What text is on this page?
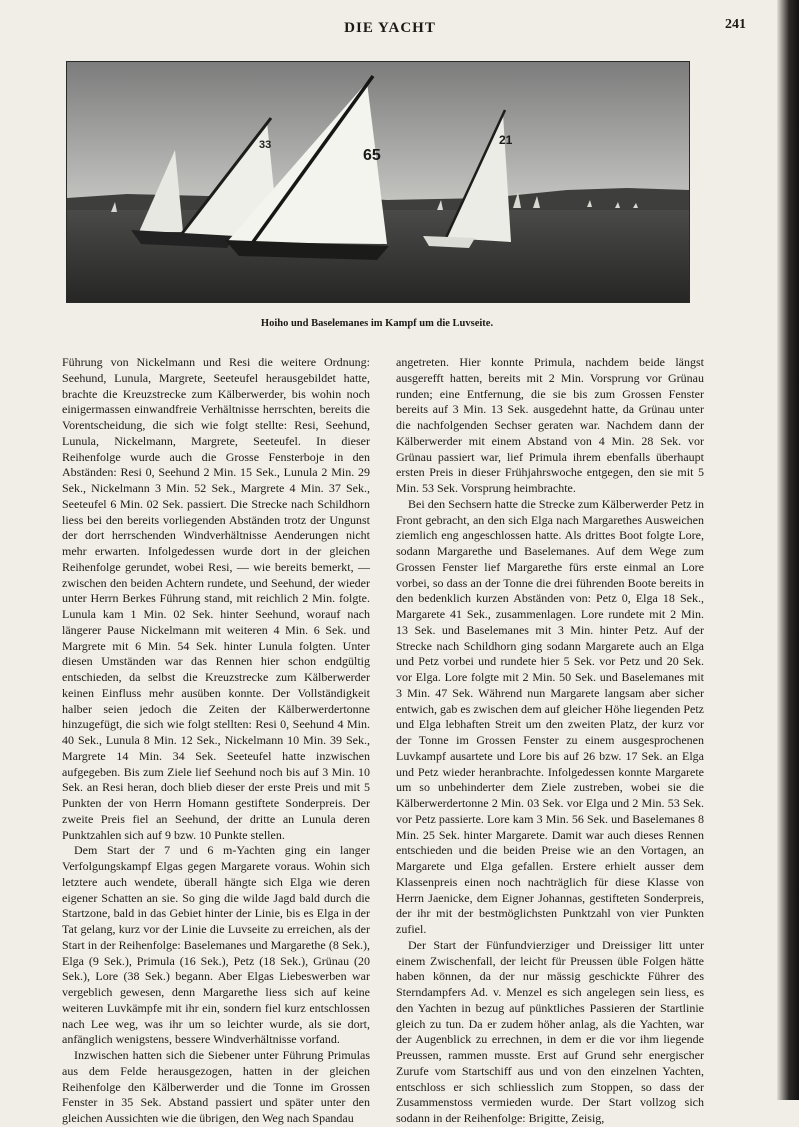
DIE YACHT	241
33
65
21
Hoiho und Baselemanes im Kampf um die Luvseite.

Führung von Nickelmann und Resi die weitere Ordnung: Seehund, Lunula, Margrete, Seeteufel herausgebildet hatte, brachte die Kreuzstrecke zum Kälberwerder, bis wohin noch einigermassen einwandfreie Verhältnisse herrschten, bereits die Vorentscheidung, die sich wie folgt stellte: Resi, Seehund, Lunula, Nickelmann, Margrete, Seeteufel. In dieser Reihenfolge wurde auch die Grosse Fensterboje in den Abständen: Resi 0, Seehund 2 Min. 15 Sek., Lunula 2 Min. 29 Sek., Nickelmann 3 Min. 52 Sek., Margrete 4 Min. 37 Sek., Seeteufel 6 Min. 02 Sek. passiert. Die Strecke nach Schildhorn liess bei den bereits vorliegenden Abständen trotz der Ungunst der dort herrschenden Windverhältnisse Aenderungen nicht mehr erwarten. Infolgedessen wurde dort in der gleichen Reihenfolge gerundet, wobei Resi, — wie bereits bemerkt, — zwischen den beiden Achtern rundete, und Seehund, der wieder unter Herrn Berkes Führung stand, mit reichlich 2 Min. folgte. Lunula kam 1 Min. 02 Sek. hinter Seehund, worauf nach längerer Pause Nickelmann mit weiteren 4 Min. 6 Sek. und Margrete mit 6 Min. 54 Sek. hinter Lunula folgten. Unter diesen Umständen war das Rennen hier schon endgültig entschieden, da selbst die Kreuzstrecke zum Kälberwerder keinen Einfluss mehr ausüben konnte. Der Vollständigkeit halber seien jedoch die Zeiten der Kälberwerdertonne hinzugefügt, die sich wie folgt stellten: Resi 0, Seehund 4 Min. 40 Sek., Lunula 8 Min. 12 Sek., Nickelmann 10 Min. 39 Sek., Margrete 14 Min. 34 Sek. Seeteufel hatte inzwischen aufgegeben. Bis zum Ziele lief Seehund noch bis auf 3 Min. 10 Sek. an Resi heran, doch blieb dieser der erste Preis und mit 5 Punkten der von Herrn Homann gestiftete Sonderpreis. Der zweite Preis fiel an Seehund, der dritte an Lunula deren Punktzahlen sich auf 9 bzw. 10 Punkte stellen.

Dem Start der 7 und 6 m-Yachten ging ein langer Verfolgungskampf Elgas gegen Margarete voraus. Wohin sich letztere auch wendete, überall hängte sich Elga wie deren eigener Schatten an sie. So ging die wilde Jagd bald durch die Startzone, bald in das Gebiet hinter der Linie, bis es Elga in der Tat gelang, kurz vor der Linie die Luvseite zu erreichen, als der Start in der Reihenfolge: Baselemanes und Margarethe (8 Sek.), Elga (9 Sek.), Primula (16 Sek.), Petz (18 Sek.), Grünau (20 Sek.), Lore (38 Sek.) begann. Aber Elgas Liebeswerben war vergeblich gewesen, denn Margarethe liess sich auf keine weiteren Luvkämpfe mit ihr ein, sondern fiel kurz entschlossen nach Lee weg, was ihr um so leichter wurde, als sie dort, anfänglich wenigstens, bessere Windverhältnisse vorfand.

Inzwischen hatten sich die Siebener unter Führung Primulas aus dem Felde herausgezogen, hatten in der gleichen Reihenfolge den Kälberwerder und die Tonne im Grossen Fenster in 35 Sek. Abstand passiert und später unter den gleichen Aussichten wie die übrigen, den Weg nach Spandau

angetreten. Hier konnte Primula, nachdem beide längst ausgerefft hatten, bereits mit 2 Min. Vorsprung vor Grünau runden; eine Entfernung, die sie bis zum Grossen Fenster bereits auf 3 Min. 13 Sek. ausgedehnt hatte, da Grünau unter die nachfolgenden Sechser geraten war. Nachdem dann der Kälberwerder mit einem Abstand von 4 Min. 28 Sek. vor Grünau passiert war, lief Primula ihrem ebenfalls überhaupt ersten Preis in dieser Frühjahrswoche entgegen, den sie mit 5 Min. 53 Sek. Vorsprung heimbrachte.

Bei den Sechsern hatte die Strecke zum Kälberwerder Petz in Front gebracht, an den sich Elga nach Margarethes Ausweichen ziemlich eng angeschlossen hatte. Als drittes Boot folgte Lore, sodann Margarethe und Baselemanes. Auf dem Wege zum Grossen Fenster lief Margarethe fürs erste einmal an Lore vorbei, so dass an der Tonne die drei führenden Boote bereits in den bedenklich kurzen Abständen von: Petz 0, Elga 18 Sek., Margarete 41 Sek., zusammenlagen. Lore rundete mit 2 Min. 13 Sek. und Baselemanes mit 3 Min. hinter Petz. Auf der Strecke nach Schildhorn ging sodann Margarete auch an Elga und Petz vorbei und rundete hier 5 Sek. vor Petz und 20 Sek. vor Elga. Lore folgte mit 2 Min. 50 Sek. und Baselemanes mit 3 Min. 47 Sek. Während nun Margarete langsam aber sicher entwich, gab es zwischen dem auf gleicher Höhe liegenden Petz und Elga lebhaften Streit um den zweiten Platz, der kurz vor der Tonne im Grossen Fenster zu einem ausgesprochenen Luvkampf ausartete und Lore bis auf 26 bzw. 17 Sek. an Elga und Petz wieder heranbrachte. Infolgedessen konnte Margarete um so unbehinderter dem Ziele zustreben, wobei sie die Kälberwerdertonne 2 Min. 03 Sek. vor Elga und 2 Min. 53 Sek. vor Petz passierte. Lore kam 3 Min. 56 Sek. und Baselemanes 8 Min. 25 Sek. hinter Margarete. Damit war auch dieses Rennen entschieden und die beiden Preise wie an den Vortagen, an Margarete und Elga gefallen. Erstere erhielt ausser dem Klassenpreis einen noch nachträglich für diese Klasse von Herrn Jaenicke, dem Eigner Johannas, gestifteten Sonderpreis, der ihr mit der bestmöglichsten Punktzahl von vier Punkten zufiel.

Der Start der Fünfundvierziger und Dreissiger litt unter einem Zwischenfall, der leicht für Preussen üble Folgen hätte haben können, da der nur mässig geschickte Führer des Sterndampfers Ad. v. Menzel es sich angelegen sein liess, es den Yachten in bezug auf pünktliches Passieren der Startlinie gleich zu tun. Da er zudem höher anlag, als die Yachten, war der Augenblick zu errechnen, in dem er die vor ihm liegende Preussen, rammen musste. Erst auf Grund sehr energischer Zurufe vom Startschiff aus und von den einzelnen Yachten, entschloss er sich schliesslich zum Stoppen, so dass der Zusammenstoss vermieden wurde. Der Start vollzog sich sodann in der Reihenfolge: Brigitte, Zeisig,
